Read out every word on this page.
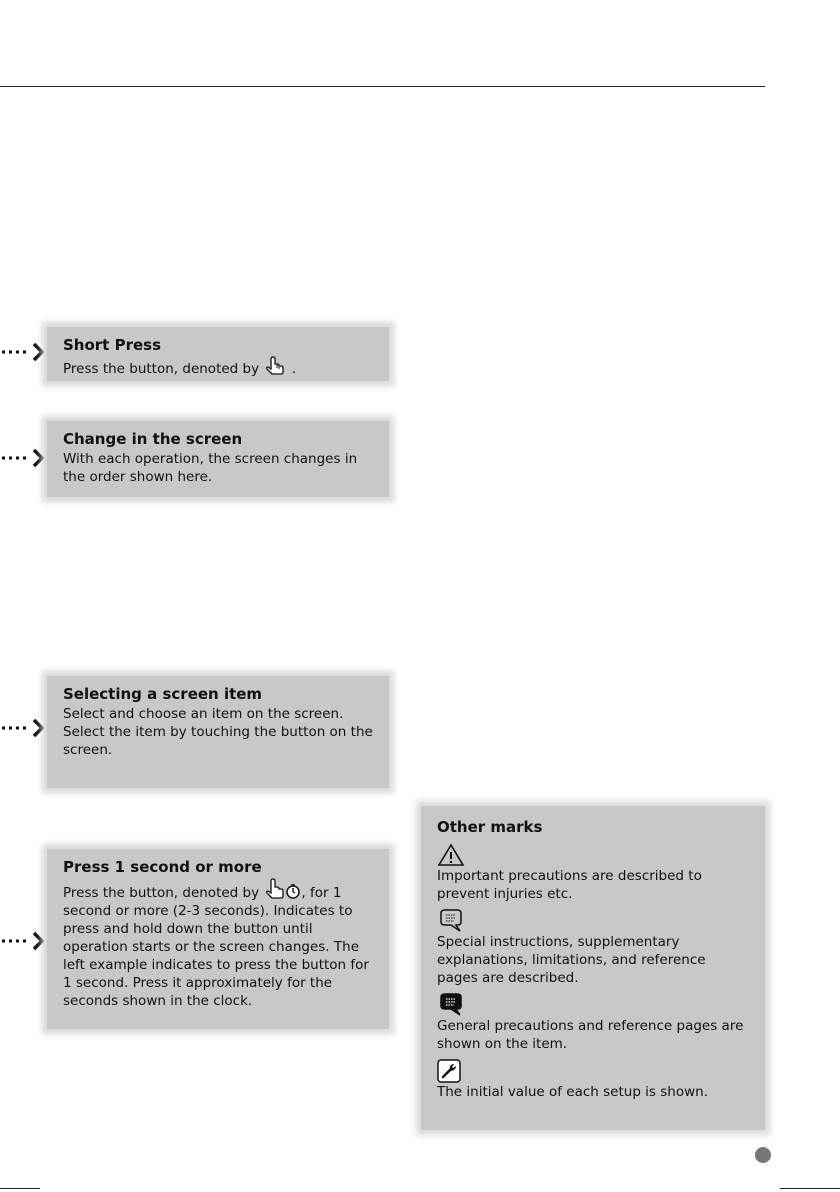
Short Press

Press the button, denoted by .

Change in the screen

With each operation, the screen changes in the order shown here.

Selecting a screen item

Select and choose an item on the screen. Select the item by touching the button on the screen.

Press 1 second or more

Press the button, denoted by	, for 1 second or more (2-3 seconds). Indicates to press and hold down the button until operation starts or the screen changes. The left example indicates to press the button for 1 second. Press it approximately for the seconds shown in the clock.

Other marks

Important precautions are described to prevent injuries etc.

Special instructions, supplementary explanations, limitations, and reference pages are described.

General precautions and reference pages are shown on the item.

The initial value of each setup is shown.
